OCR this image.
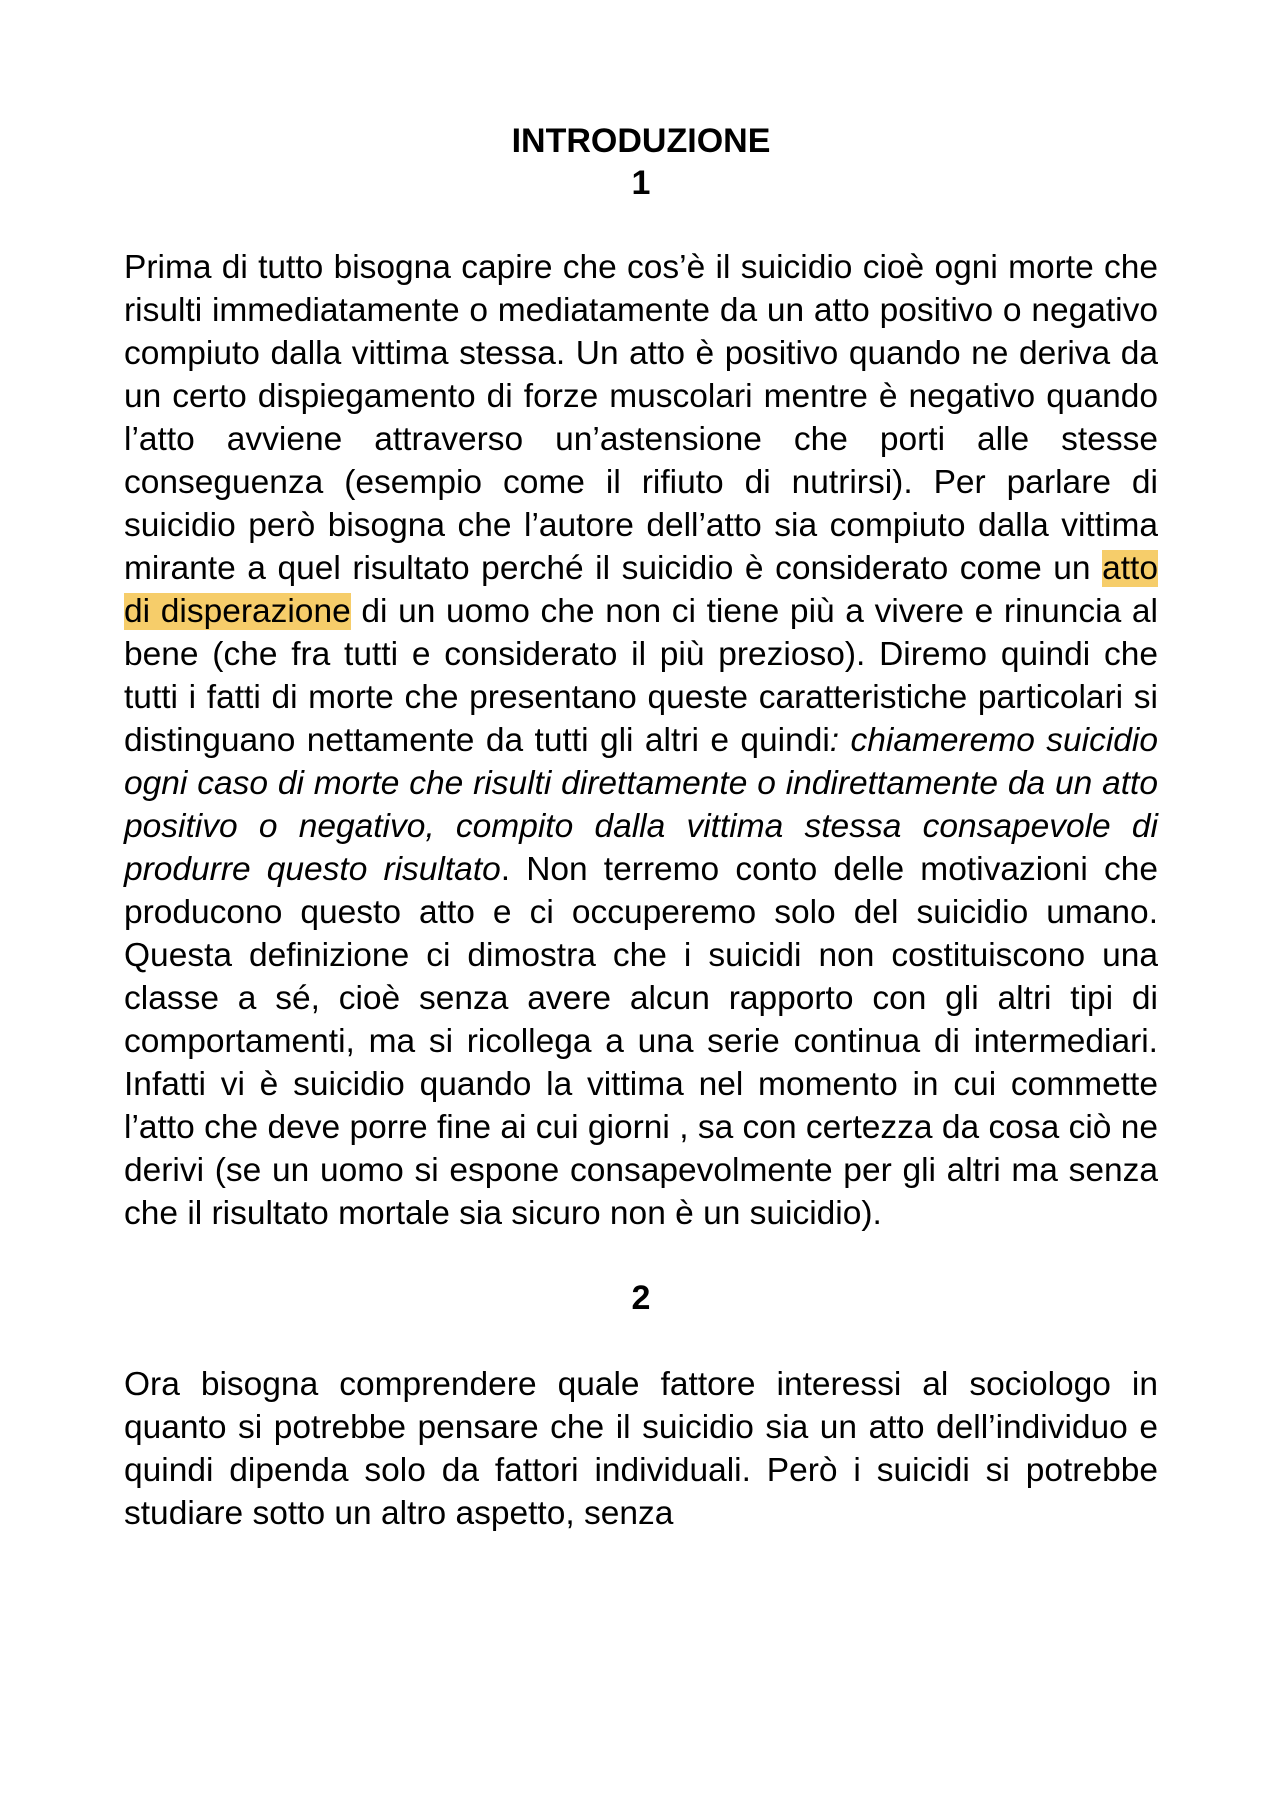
INTRODUZIONE

1

Prima di tutto bisogna capire che cos’è il suicidio cioè ogni morte che risulti immediatamente o mediatamente da un atto positivo o negativo compiuto dalla vittima stessa. Un atto è positivo quando ne deriva da un certo dispiegamento di forze muscolari mentre è negativo quando l’atto avviene attraverso un’astensione che porti alle stesse conseguenza (esempio come il rifiuto di nutrirsi). Per parlare di suicidio però bisogna che l’autore dell’atto sia compiuto dalla vittima mirante a quel risultato perché il suicidio è considerato come un atto di disperazione di un uomo che non ci tiene più a vivere e rinuncia al bene (che fra tutti e considerato il più prezioso). Diremo quindi che tutti i fatti di morte che presentano queste caratteristiche particolari si distinguano nettamente da tutti gli altri e quindi: chiameremo suicidio ogni caso di morte che risulti direttamente o indirettamente da un atto positivo o negativo, compito dalla vittima stessa consapevole di produrre questo risultato. Non terremo conto delle motivazioni che producono questo atto e ci occuperemo solo del suicidio umano. Questa definizione ci dimostra che i suicidi non costituiscono una classe a sé, cioè senza avere alcun rapporto con gli altri tipi di comportamenti, ma si ricollega a una serie continua di intermediari. Infatti vi è suicidio quando la vittima nel momento in cui commette l’atto che deve porre fine ai cui giorni , sa con certezza da cosa ciò ne derivi (se un uomo si espone consapevolmente per gli altri ma senza che il risultato mortale sia sicuro non è un suicidio).

2

Ora bisogna comprendere quale fattore interessi al sociologo in quanto si potrebbe pensare che il suicidio sia un atto dell’individuo e quindi dipenda solo da fattori individuali. Però i suicidi si potrebbe studiare sotto un altro aspetto, senza
